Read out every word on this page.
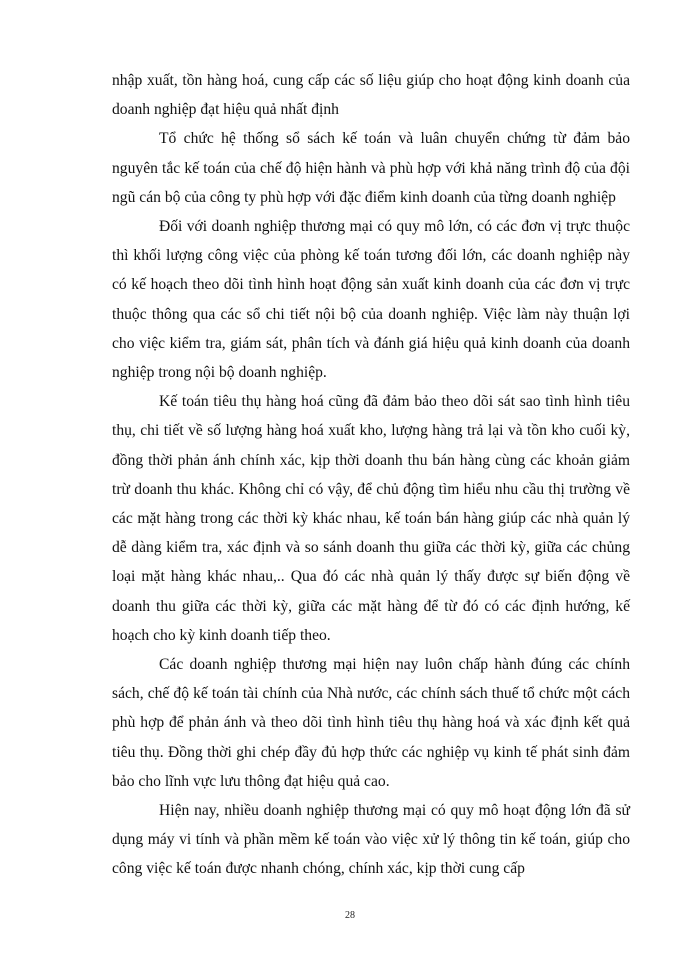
nhập xuất, tồn hàng hoá, cung cấp các số liệu giúp cho hoạt động kinh doanh của doanh nghiệp đạt hiệu quả nhất định

Tổ chức hệ thống sổ sách kế toán và luân chuyển chứng từ đảm bảo nguyên tắc kế toán của chế độ hiện hành và phù hợp với khả năng trình độ của đội ngũ cán bộ của công ty phù hợp với đặc điểm kinh doanh của từng doanh nghiệp

Đối với doanh nghiệp thương mại có quy mô lớn, có các đơn vị trực thuộc thì khối lượng công việc của phòng kế toán tương đối lớn, các doanh nghiệp này có kế hoạch theo dõi tình hình hoạt động sản xuất kinh doanh của các đơn vị trực thuộc thông qua các sổ chi tiết nội bộ của doanh nghiệp. Việc làm này thuận lợi cho việc kiểm tra, giám sát, phân tích và đánh giá hiệu quả kinh doanh của doanh nghiệp trong nội bộ doanh nghiệp.

Kế toán tiêu thụ hàng hoá cũng đã đảm bảo theo dõi sát sao tình hình tiêu thụ, chi tiết về số lượng hàng hoá xuất kho, lượng hàng trả lại và tồn kho cuối kỳ, đồng thời phản ánh chính xác, kịp thời doanh thu bán hàng cùng các khoản giảm trừ doanh thu khác. Không chỉ có vậy, để chủ động tìm hiểu nhu cầu thị trường về các mặt hàng trong các thời kỳ khác nhau, kế toán bán hàng giúp các nhà quản lý dễ dàng kiểm tra, xác định và so sánh doanh thu giữa các thời kỳ, giữa các chủng loại mặt hàng khác nhau,.. Qua đó các nhà quản lý thấy được sự biến động về doanh thu giữa các thời kỳ, giữa các mặt hàng để từ đó có các định hướng, kế hoạch cho kỳ kinh doanh tiếp theo.

Các doanh nghiệp thương mại hiện nay luôn chấp hành đúng các chính sách, chế độ kế toán tài chính của Nhà nước, các chính sách thuế tổ chức một cách phù hợp để phản ánh và theo dõi tình hình tiêu thụ hàng hoá và xác định kết quả tiêu thụ. Đồng thời ghi chép đầy đủ hợp thức các nghiệp vụ kinh tế phát sinh đảm bảo cho lĩnh vực lưu thông đạt hiệu quả cao.

Hiện nay, nhiều doanh nghiệp thương mại có quy mô hoạt động lớn đã sử dụng máy vi tính và phần mềm kế toán vào việc xử lý thông tin kế toán, giúp cho công việc kế toán được nhanh chóng, chính xác, kịp thời cung cấp

28
